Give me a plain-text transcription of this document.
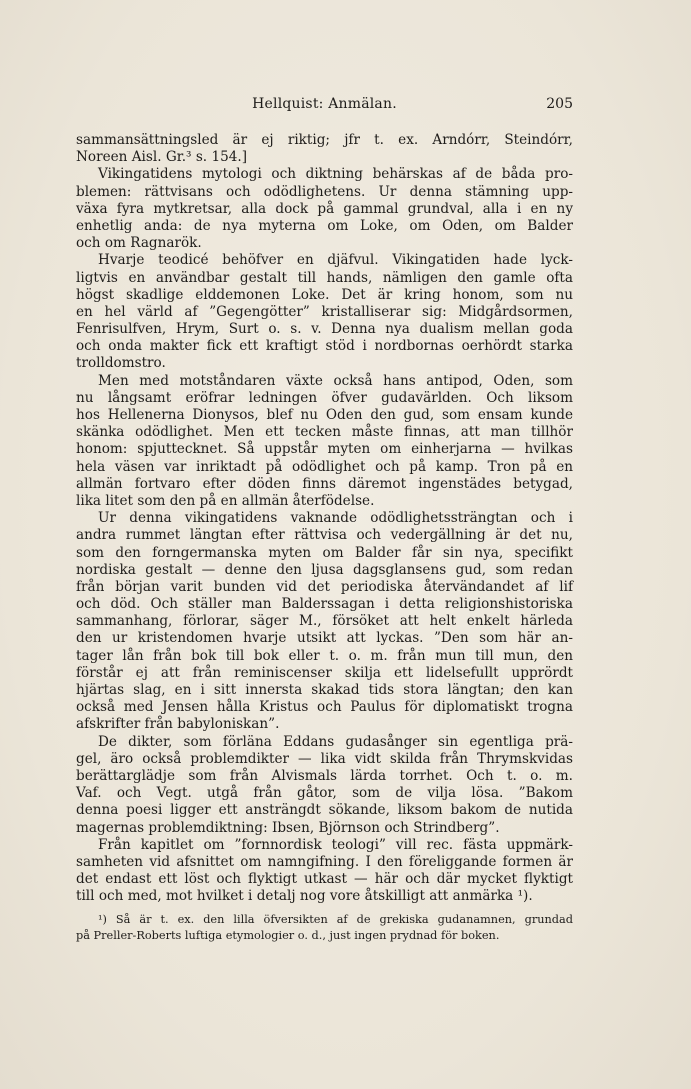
Hellquist: Anmälan.	205
sammansättningsled är ej riktig; jfr t. ex. Arndórr, Steindórr,
Noreen Aisl. Gr.³ s. 154.]
Vikingatidens mytologi och diktning behärskas af de båda pro-
blemen: rättvisans och odödlighetens. Ur denna stämning upp-
växa fyra mytkretsar, alla dock på gammal grundval, alla i en ny
enhetlig anda: de nya myterna om Loke, om Oden, om Balder
och om Ragnarök.
Hvarje teodicé behöfver en djäfvul. Vikingatiden hade lyck-
ligtvis en användbar gestalt till hands, nämligen den gamle ofta
högst skadlige elddemonen Loke. Det är kring honom, som nu
en hel värld af ”Gegengötter” kristalliserar sig: Midgårdsormen,
Fenrisulfven, Hrym, Surt o. s. v. Denna nya dualism mellan goda
och onda makter fick ett kraftigt stöd i nordbornas oerhördt starka
trolldomstro.
Men med motståndaren växte också hans antipod, Oden, som
nu långsamt eröfrar ledningen öfver gudavärlden. Och liksom
hos Hellenerna Dionysos, blef nu Oden den gud, som ensam kunde
skänka odödlighet. Men ett tecken måste finnas, att man tillhör
honom: spjuttecknet. Så uppstår myten om einherjarna — hvilkas
hela väsen var inriktadt på odödlighet och på kamp. Tron på en
allmän fortvaro efter döden finns däremot ingenstädes betygad,
lika litet som den på en allmän återfödelse.
Ur denna vikingatidens vaknande odödlighetssträngtan och i
andra rummet längtan efter rättvisa och vedergällning är det nu,
som den forngermanska myten om Balder får sin nya, specifikt
nordiska gestalt — denne den ljusa dagsglansens gud, som redan
från början varit bunden vid det periodiska återvändandet af lif
och död. Och ställer man Balderssagan i detta religionshistoriska
sammanhang, förlorar, säger M., försöket att helt enkelt härleda
den ur kristendomen hvarje utsikt att lyckas. ”Den som här an-
tager lån från bok till bok eller t. o. m. från mun till mun, den
förstår ej att från reminiscenser skilja ett lidelsefullt upprördt
hjärtas slag, en i sitt innersta skakad tids stora längtan; den kan
också med Jensen hålla Kristus och Paulus för diplomatiskt trogna
afskrifter från babyloniskan”.
De dikter, som förläna Eddans gudasånger sin egentliga prä-
gel, äro också problemdikter — lika vidt skilda från Thrymskvidas
berättarglädje som från Alvismals lärda torrhet. Och t. o. m.
Vaf. och Vegt. utgå från gåtor, som de vilja lösa. ”Bakom
denna poesi ligger ett ansträngdt sökande, liksom bakom de nutida
magernas problemdiktning: Ibsen, Björnson och Strindberg”.
Från kapitlet om ”fornnordisk teologi” vill rec. fästa uppmärk-
samheten vid afsnittet om namngifning. I den föreliggande formen är
det endast ett löst och flyktigt utkast — här och där mycket flyktigt
till och med, mot hvilket i detalj nog vore åtskilligt att anmärka ¹).
¹) Så är t. ex. den lilla öfversikten af de grekiska gudanamnen, grundad
på Preller-Roberts luftiga etymologier o. d., just ingen prydnad för boken.
